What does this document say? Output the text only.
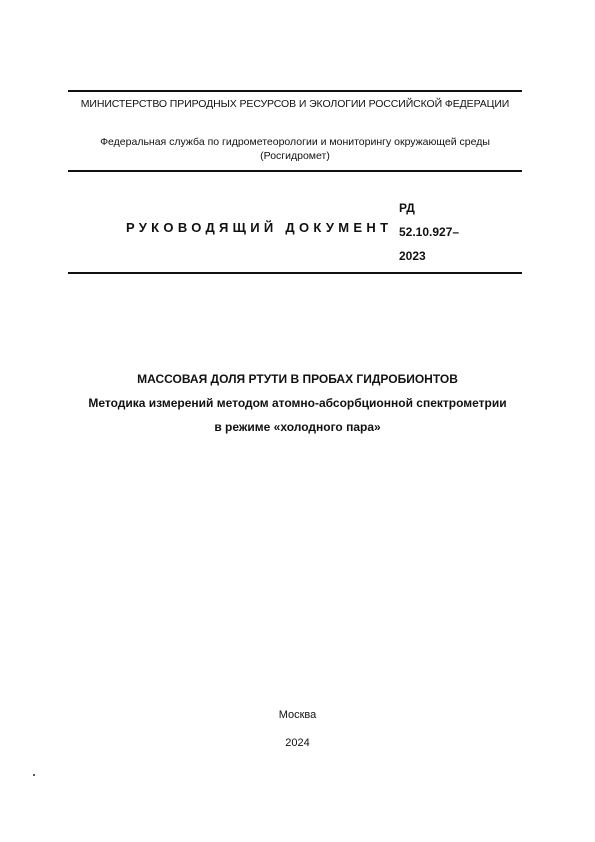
МИНИСТЕРСТВО ПРИРОДНЫХ РЕСУРСОВ И ЭКОЛОГИИ РОССИЙСКОЙ ФЕДЕРАЦИИ
Федеральная служба по гидрометеорологии и мониторингу окружающей среды
(Росгидромет)
РУКОВОДЯЩИЙ ДОКУМЕНТ
РД
52.10.927–
2023
МАССОВАЯ ДОЛЯ РТУТИ В ПРОБАХ ГИДРОБИОНТОВ
Методика измерений методом атомно-абсорбционной спектрометрии
в режиме «холодного пара»
Москва
2024
